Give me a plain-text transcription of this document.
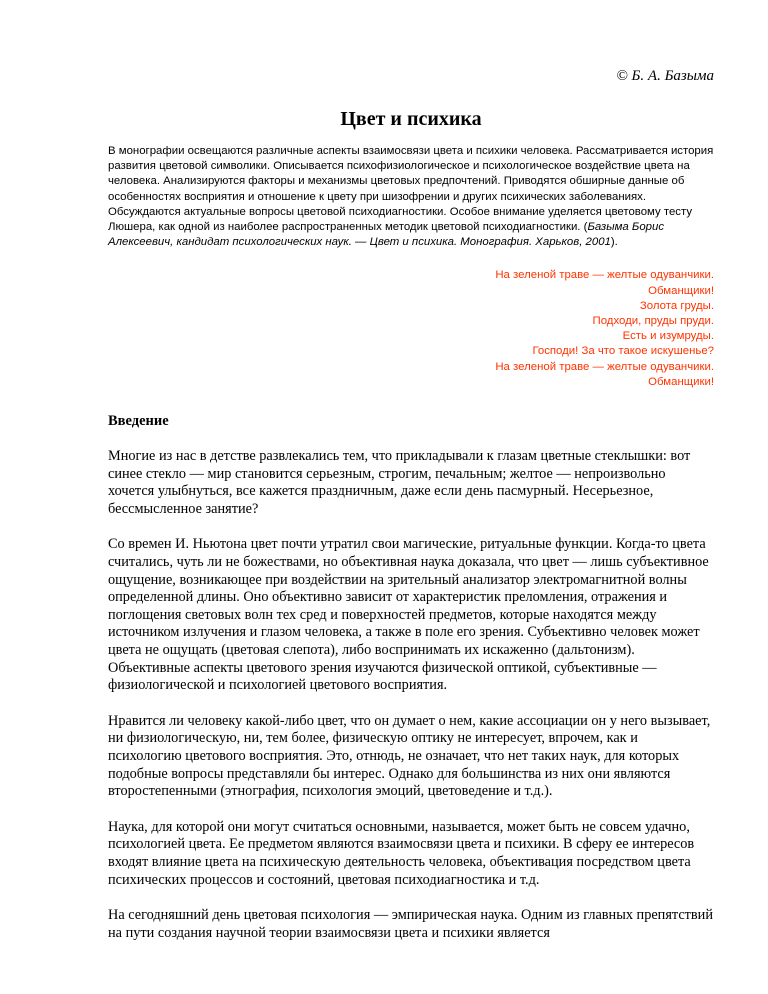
© Б. А. Базыма

Цвет и психика

В монографии освещаются различные аспекты взаимосвязи цвета и психики человека. Рассматривается история развития цветовой символики. Описывается психофизиологическое и психологическое воздействие цвета на человека. Анализируются факторы и механизмы цветовых предпочтений. Приводятся обширные данные об особенностях восприятия и отношение к цвету при шизофрении и других психических заболеваниях. Обсуждаются актуальные вопросы цветовой психодиагностики. Особое внимание уделяется цветовому тесту Люшера, как одной из наиболее распространенных методик цветовой психодиагностики. (Базыма Борис Алексеевич, кандидат психологических наук. — Цвет и психика. Монография. Харьков, 2001).

На зеленой траве — желтые одуванчики.
Обманщики!
Золота груды.
Подходи, пруды пруди.
Есть и изумруды.
Господи! За что такое искушенье?
На зеленой траве — желтые одуванчики.
Обманщики!
Введение

Многие из нас в детстве развлекались тем, что прикладывали к глазам цветные стеклышки: вот синее стекло — мир становится серьезным, строгим, печальным; желтое — непроизвольно хочется улыбнуться, все кажется праздничным, даже если день пасмурный. Несерьезное, бессмысленное занятие?

Со времен И. Ньютона цвет почти утратил свои магические, ритуальные функции. Когда-то цвета считались, чуть ли не божествами, но объективная наука доказала, что цвет — лишь субъективное ощущение, возникающее при воздействии на зрительный анализатор электромагнитной волны определенной длины. Оно объективно зависит от характеристик преломления, отражения и поглощения световых волн тех сред и поверхностей предметов, которые находятся между источником излучения и глазом человека, а также в поле его зрения. Субъективно человек может цвета не ощущать (цветовая слепота), либо воспринимать их искаженно (дальтонизм). Объективные аспекты цветового зрения изучаются физической оптикой, субъективные — физиологической и психологией цветового восприятия.

Нравится ли человеку какой-либо цвет, что он думает о нем, какие ассоциации он у него вызывает, ни физиологическую, ни, тем более, физическую оптику не интересует, впрочем, как и психологию цветового восприятия. Это, отнюдь, не означает, что нет таких наук, для которых подобные вопросы представляли бы интерес. Однако для большинства из них они являются второстепенными (этнография, психология эмоций, цветоведение и т.д.).

Наука, для которой они могут считаться основными, называется, может быть не совсем удачно, психологией цвета. Ее предметом являются взаимосвязи цвета и психики. В сферу ее интересов входят влияние цвета на психическую деятельность человека, объективация посредством цвета психических процессов и состояний, цветовая психодиагностика и т.д.

На сегодняшний день цветовая психология — эмпирическая наука. Одним из главных препятствий на пути создания научной теории взаимосвязи цвета и психики является
